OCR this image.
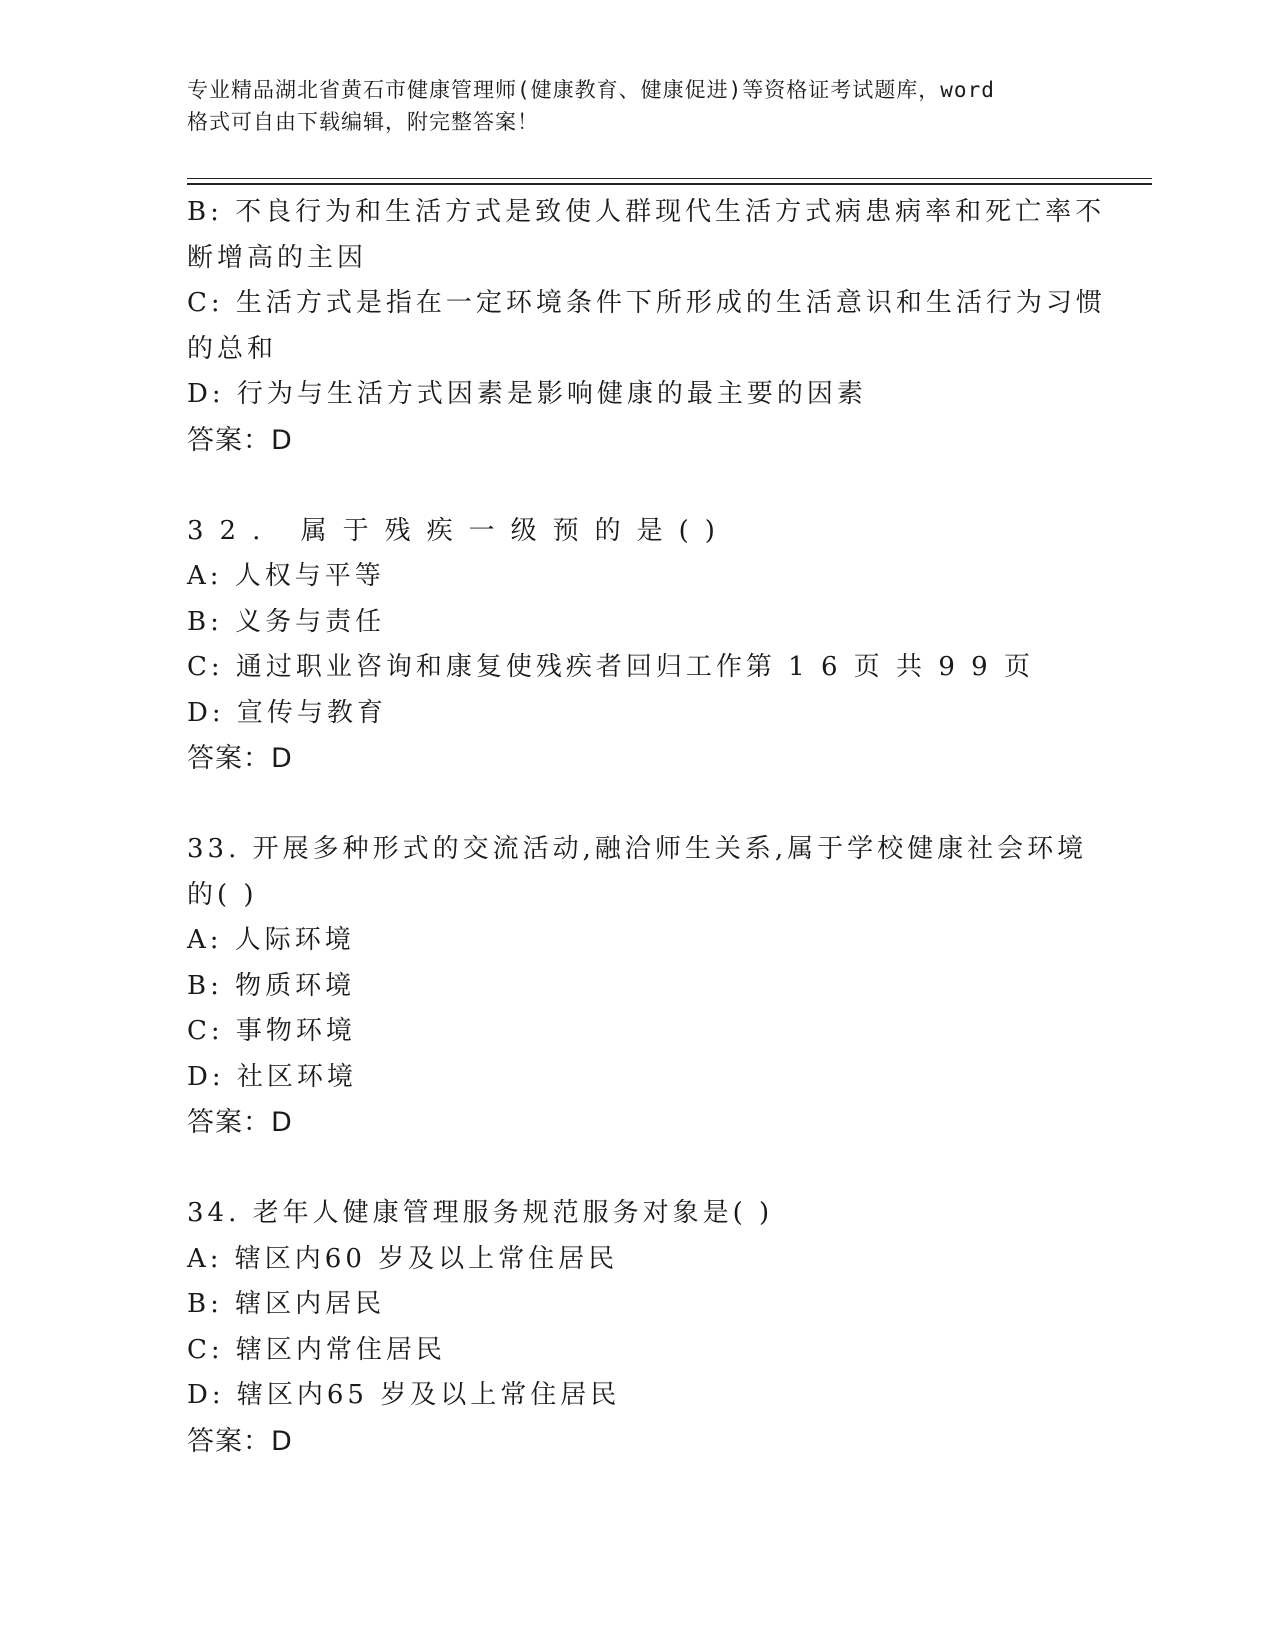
专业精品湖北省黄石市健康管理师(健康教育、健康促进)等资格证考试题库，word
格式可自由下载编辑，附完整答案！
B: 不良行为和生活方式是致使人群现代生活方式病患病率和死亡率不
断增高的主因
C: 生活方式是指在一定环境条件下所形成的生活意识和生活行为习惯
的总和
D: 行为与生活方式因素是影响健康的最主要的因素
答案：D
32. 属于残疾一级预的是()
A: 人权与平等
B: 义务与责任
C: 通过职业咨询和康复使残疾者回归工作第 1 6 页 共 9 9 页
D: 宣传与教育
答案：D
33. 开展多种形式的交流活动,融洽师生关系,属于学校健康社会环境
的( )
A: 人际环境
B: 物质环境
C: 事物环境
D: 社区环境
答案：D
34. 老年人健康管理服务规范服务对象是( )
A: 辖区内60 岁及以上常住居民
B: 辖区内居民
C: 辖区内常住居民
D: 辖区内65 岁及以上常住居民
答案：D
